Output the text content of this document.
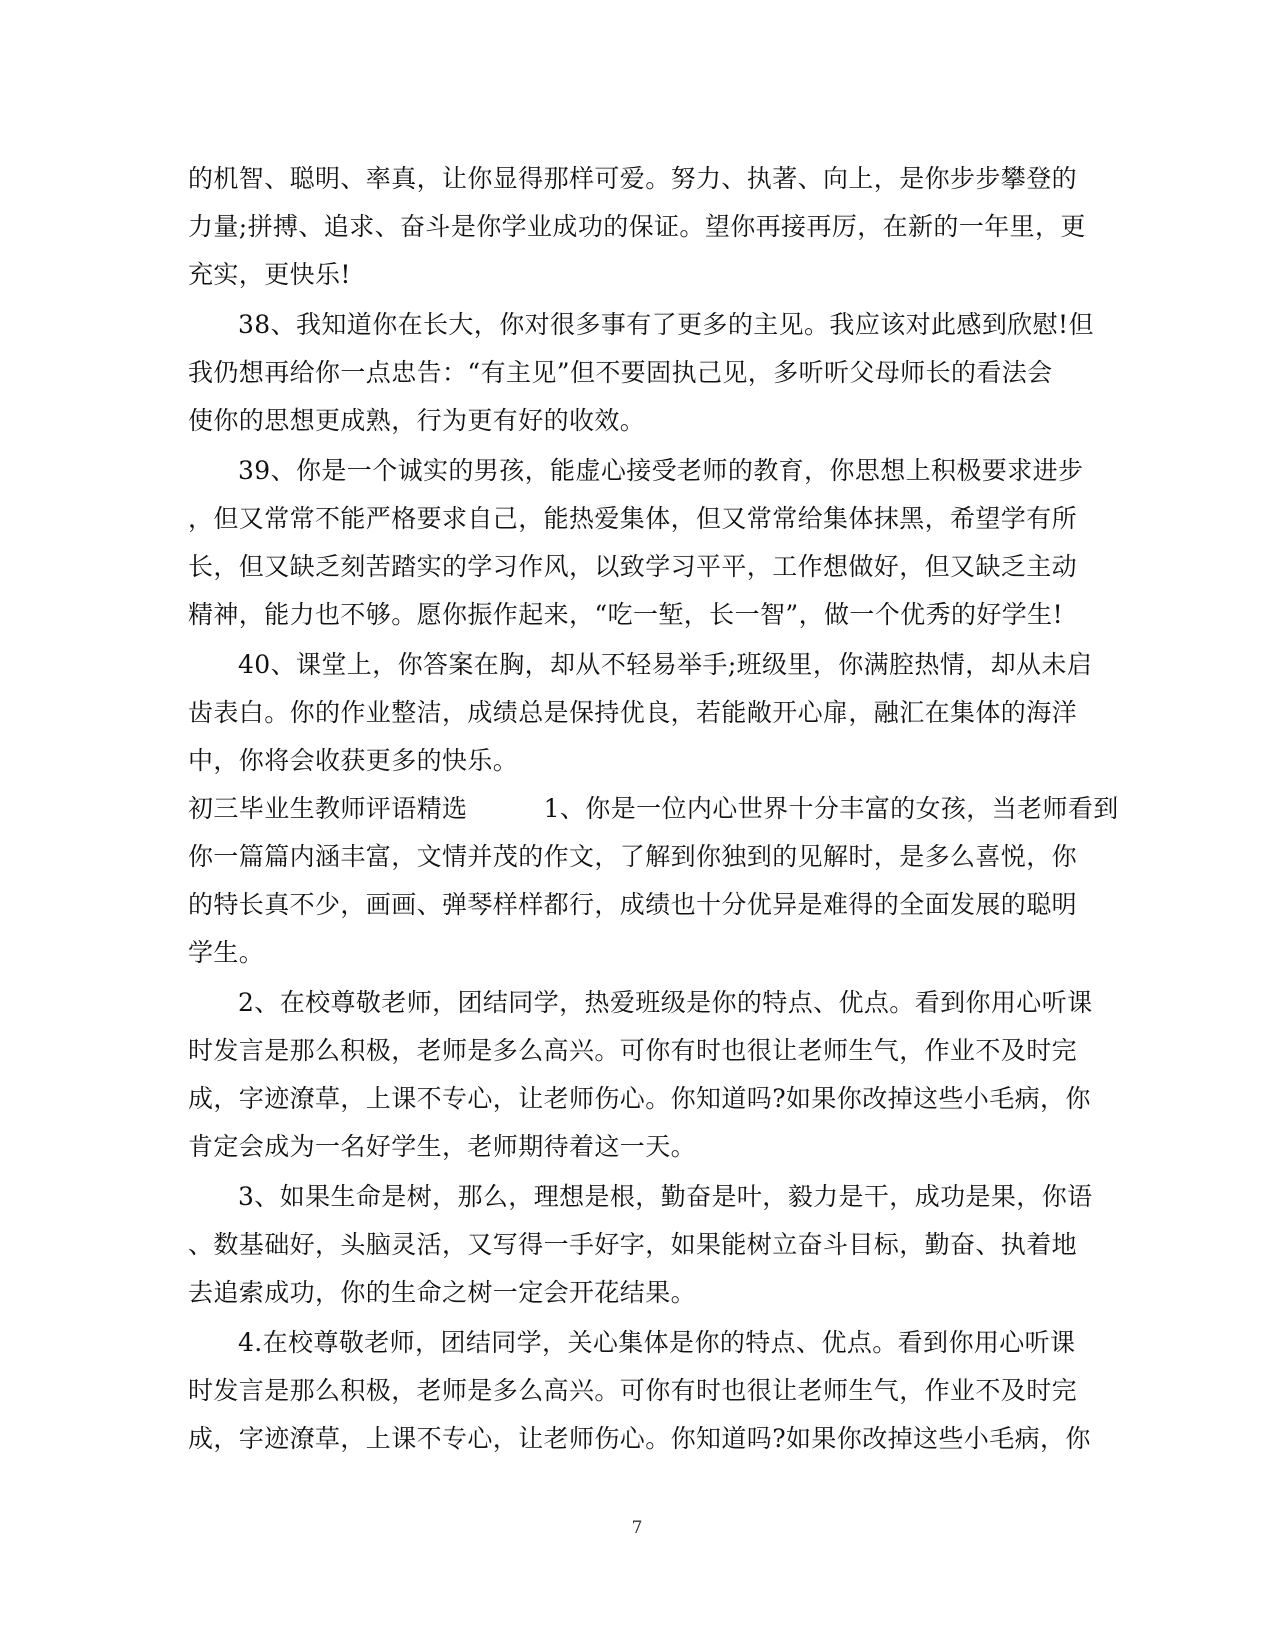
的机智、聪明、率真，让你显得那样可爱。努力、执著、向上，是你步步攀登的
力量;拼搏、追求、奋斗是你学业成功的保证。望你再接再厉，在新的一年里，更
充实，更快乐!
38、我知道你在长大，你对很多事有了更多的主见。我应该对此感到欣慰!但
我仍想再给你一点忠告：“有主见”但不要固执己见，多听听父母师长的看法会
使你的思想更成熟，行为更有好的收效。
39、你是一个诚实的男孩，能虚心接受老师的教育，你思想上积极要求进步
，但又常常不能严格要求自己，能热爱集体，但又常常给集体抹黑，希望学有所
长，但又缺乏刻苦踏实的学习作风，以致学习平平，工作想做好，但又缺乏主动
精神，能力也不够。愿你振作起来，“吃一堑，长一智”，做一个优秀的好学生!
40、课堂上，你答案在胸，却从不轻易举手;班级里，你满腔热情，却从未启
齿表白。你的作业整洁，成绩总是保持优良，若能敞开心扉，融汇在集体的海洋
中，你将会收获更多的快乐。
初三毕业生教师评语精选　　　1、你是一位内心世界十分丰富的女孩，当老师看到
你一篇篇内涵丰富，文情并茂的作文，了解到你独到的见解时，是多么喜悦，你
的特长真不少，画画、弹琴样样都行，成绩也十分优异是难得的全面发展的聪明
学生。
2、在校尊敬老师，团结同学，热爱班级是你的特点、优点。看到你用心听课
时发言是那么积极，老师是多么高兴。可你有时也很让老师生气，作业不及时完
成，字迹潦草，上课不专心，让老师伤心。你知道吗?如果你改掉这些小毛病，你
肯定会成为一名好学生，老师期待着这一天。
3、如果生命是树，那么，理想是根，勤奋是叶，毅力是干，成功是果，你语
、数基础好，头脑灵活，又写得一手好字，如果能树立奋斗目标，勤奋、执着地
去追索成功，你的生命之树一定会开花结果。
4.在校尊敬老师，团结同学，关心集体是你的特点、优点。看到你用心听课
时发言是那么积极，老师是多么高兴。可你有时也很让老师生气，作业不及时完
成，字迹潦草，上课不专心，让老师伤心。你知道吗?如果你改掉这些小毛病，你
7
